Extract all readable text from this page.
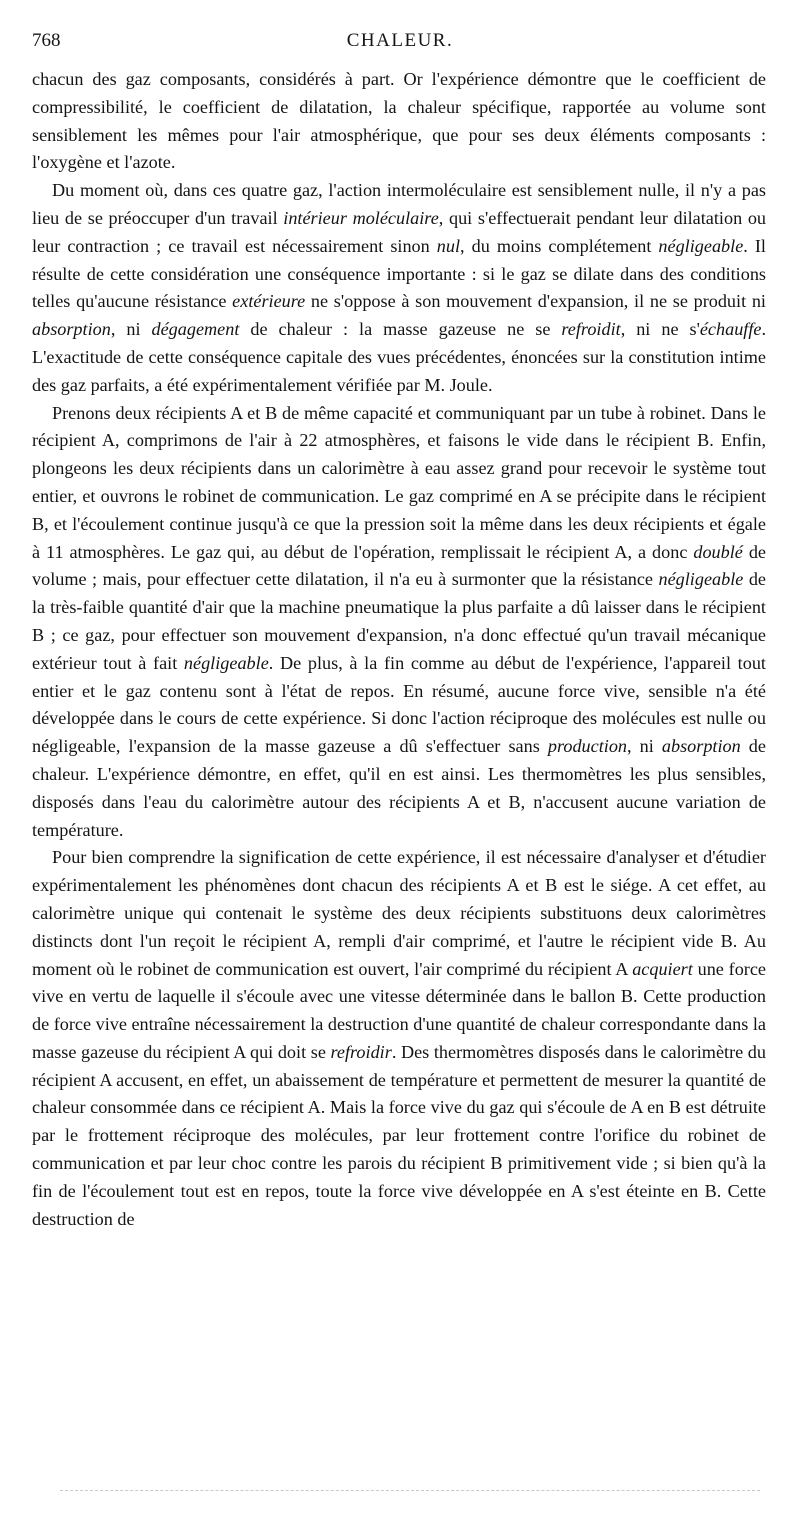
768	CHALEUR.

chacun des gaz composants, considérés à part. Or l'expérience démontre que le coefficient de compressibilité, le coefficient de dilatation, la chaleur spécifique, rapportée au volume sont sensiblement les mêmes pour l'air atmosphérique, que pour ses deux éléments composants : l'oxygène et l'azote.

Du moment où, dans ces quatre gaz, l'action intermoléculaire est sensiblement nulle, il n'y a pas lieu de se préoccuper d'un travail intérieur moléculaire, qui s'effectuerait pendant leur dilatation ou leur contraction ; ce travail est nécessairement sinon nul, du moins complétement négligeable. Il résulte de cette considération une conséquence importante : si le gaz se dilate dans des conditions telles qu'aucune résistance extérieure ne s'oppose à son mouvement d'expansion, il ne se produit ni absorption, ni dégagement de chaleur : la masse gazeuse ne se refroidit, ni ne s'échauffe. L'exactitude de cette conséquence capitale des vues précédentes, énoncées sur la constitution intime des gaz parfaits, a été expérimentalement vérifiée par M. Joule.

Prenons deux récipients A et B de même capacité et communiquant par un tube à robinet. Dans le récipient A, comprimons de l'air à 22 atmosphères, et faisons le vide dans le récipient B. Enfin, plongeons les deux récipients dans un calorimètre à eau assez grand pour recevoir le système tout entier, et ouvrons le robinet de communication. Le gaz comprimé en A se précipite dans le récipient B, et l'écoulement continue jusqu'à ce que la pression soit la même dans les deux récipients et égale à 11 atmosphères. Le gaz qui, au début de l'opération, remplissait le récipient A, a donc doublé de volume ; mais, pour effectuer cette dilatation, il n'a eu à surmonter que la résistance négligeable de la très-faible quantité d'air que la machine pneumatique la plus parfaite a dû laisser dans le récipient B ; ce gaz, pour effectuer son mouvement d'expansion, n'a donc effectué qu'un travail mécanique extérieur tout à fait négligeable. De plus, à la fin comme au début de l'expérience, l'appareil tout entier et le gaz contenu sont à l'état de repos. En résumé, aucune force vive, sensible n'a été développée dans le cours de cette expérience. Si donc l'action réciproque des molécules est nulle ou négligeable, l'expansion de la masse gazeuse a dû s'effectuer sans production, ni absorption de chaleur. L'expérience démontre, en effet, qu'il en est ainsi. Les thermomètres les plus sensibles, disposés dans l'eau du calorimètre autour des récipients A et B, n'accusent aucune variation de température.

Pour bien comprendre la signification de cette expérience, il est nécessaire d'analyser et d'étudier expérimentalement les phénomènes dont chacun des récipients A et B est le siége. A cet effet, au calorimètre unique qui contenait le système des deux récipients substituons deux calorimètres distincts dont l'un reçoit le récipient A, rempli d'air comprimé, et l'autre le récipient vide B. Au moment où le robinet de communication est ouvert, l'air comprimé du récipient A acquiert une force vive en vertu de laquelle il s'écoule avec une vitesse déterminée dans le ballon B. Cette production de force vive entraîne nécessairement la destruction d'une quantité de chaleur correspondante dans la masse gazeuse du récipient A qui doit se refroidir. Des thermomètres disposés dans le calorimètre du récipient A accusent, en effet, un abaissement de température et permettent de mesurer la quantité de chaleur consommée dans ce récipient A. Mais la force vive du gaz qui s'écoule de A en B est détruite par le frottement réciproque des molécules, par leur frottement contre l'orifice du robinet de communication et par leur choc contre les parois du récipient B primitivement vide ; si bien qu'à la fin de l'écoulement tout est en repos, toute la force vive développée en A s'est éteinte en B. Cette destruction de
